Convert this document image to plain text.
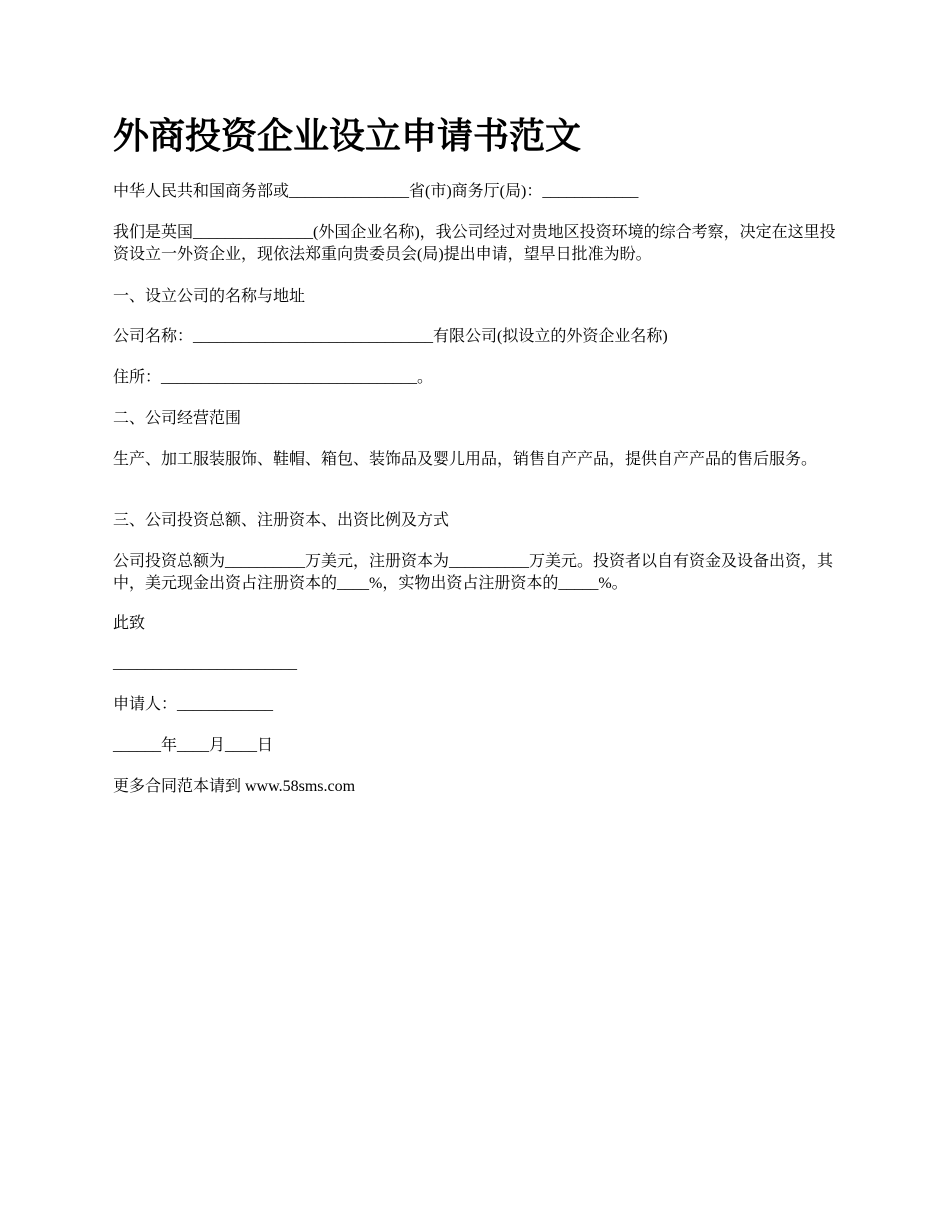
外商投资企业设立申请书范文

中华人民共和国商务部或_______________省(市)商务厅(局)：____________

我们是英国_______________(外国企业名称)，我公司经过对贵地区投资环境的综合考察，决定在这里投资设立一外资企业，现依法郑重向贵委员会(局)提出申请，望早日批准为盼。

一、设立公司的名称与地址

公司名称：______________________________有限公司(拟设立的外资企业名称)

住所：________________________________。

二、公司经营范围

生产、加工服装服饰、鞋帽、箱包、装饰品及婴儿用品，销售自产产品，提供自产产品的售后服务。

三、公司投资总额、注册资本、出资比例及方式

公司投资总额为__________万美元，注册资本为__________万美元。投资者以自有资金及设备出资，其中，美元现金出资占注册资本的____%，实物出资占注册资本的_____%。

此致

_______________________

申请人：____________

______年____月____日

更多合同范本请到 www.58sms.com
